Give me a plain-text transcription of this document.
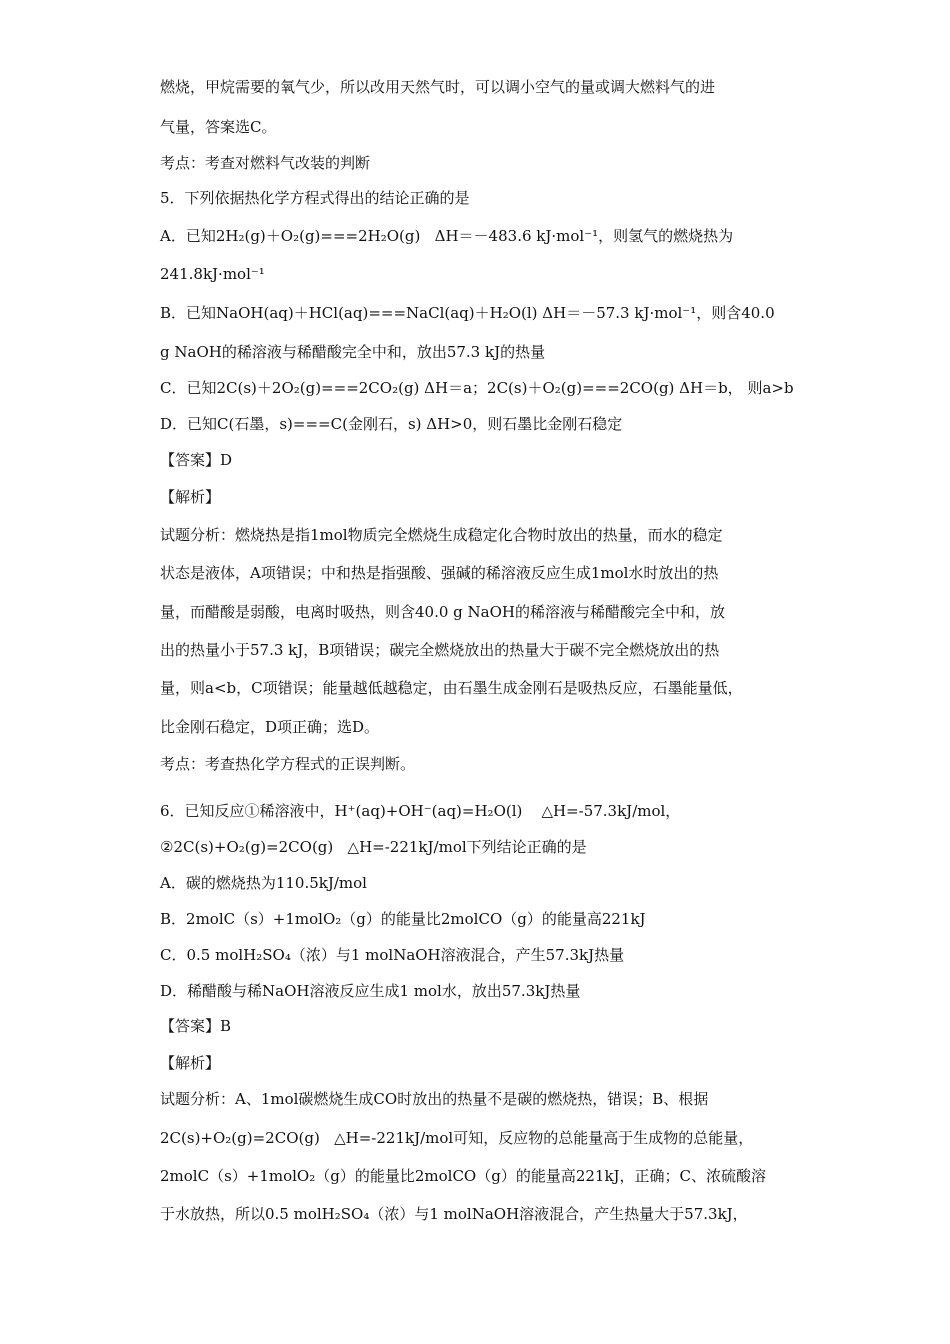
燃烧，甲烷需要的氧气少，所以改用天然气时，可以调小空气的量或调大燃料气的进
气量，答案选C。
考点：考查对燃料气改装的判断
5．下列依据热化学方程式得出的结论正确的是
A．已知2H₂(g)＋O₂(g)===2H₂O(g)   ΔH＝－483.6 kJ·mol⁻¹，则氢气的燃烧热为
241.8kJ·mol⁻¹
B．已知NaOH(aq)＋HCl(aq)===NaCl(aq)＋H₂O(l) ΔH＝－57.3 kJ·mol⁻¹，则含40.0
g NaOH的稀溶液与稀醋酸完全中和，放出57.3 kJ的热量
C．已知2C(s)＋2O₂(g)===2CO₂(g) ΔH＝a；2C(s)＋O₂(g)===2CO(g) ΔH＝b， 则a>b
D．已知C(石墨，s)===C(金刚石，s) ΔH>0，则石墨比金刚石稳定
【答案】D
【解析】
试题分析：燃烧热是指1mol物质完全燃烧生成稳定化合物时放出的热量，而水的稳定
状态是液体，A项错误；中和热是指强酸、强碱的稀溶液反应生成1mol水时放出的热
量，而醋酸是弱酸，电离时吸热，则含40.0 g NaOH的稀溶液与稀醋酸完全中和，放
出的热量小于57.3 kJ，B项错误；碳完全燃烧放出的热量大于碳不完全燃烧放出的热
量，则a<b，C项错误；能量越低越稳定，由石墨生成金刚石是吸热反应，石墨能量低，
比金刚石稳定，D项正确；选D。
考点：考查热化学方程式的正误判断。
6．已知反应①稀溶液中，H⁺(aq)+OH⁻(aq)=H₂O(l)    △H=-57.3kJ/mol，
②2C(s)+O₂(g)=2CO(g)   △H=-221kJ/mol下列结论正确的是
A．碳的燃烧热为110.5kJ/mol
B．2molC（s）+1molO₂（g）的能量比2molCO（g）的能量高221kJ
C．0.5 molH₂SO₄（浓）与1 molNaOH溶液混合，产生57.3kJ热量
D．稀醋酸与稀NaOH溶液反应生成1 mol水，放出57.3kJ热量
【答案】B
【解析】
试题分析：A、1mol碳燃烧生成CO时放出的热量不是碳的燃烧热，错误；B、根据
2C(s)+O₂(g)=2CO(g)   △H=-221kJ/mol可知，反应物的总能量高于生成物的总能量，
2molC（s）+1molO₂（g）的能量比2molCO（g）的能量高221kJ，正确；C、浓硫酸溶
于水放热，所以0.5 molH₂SO₄（浓）与1 molNaOH溶液混合，产生热量大于57.3kJ，
